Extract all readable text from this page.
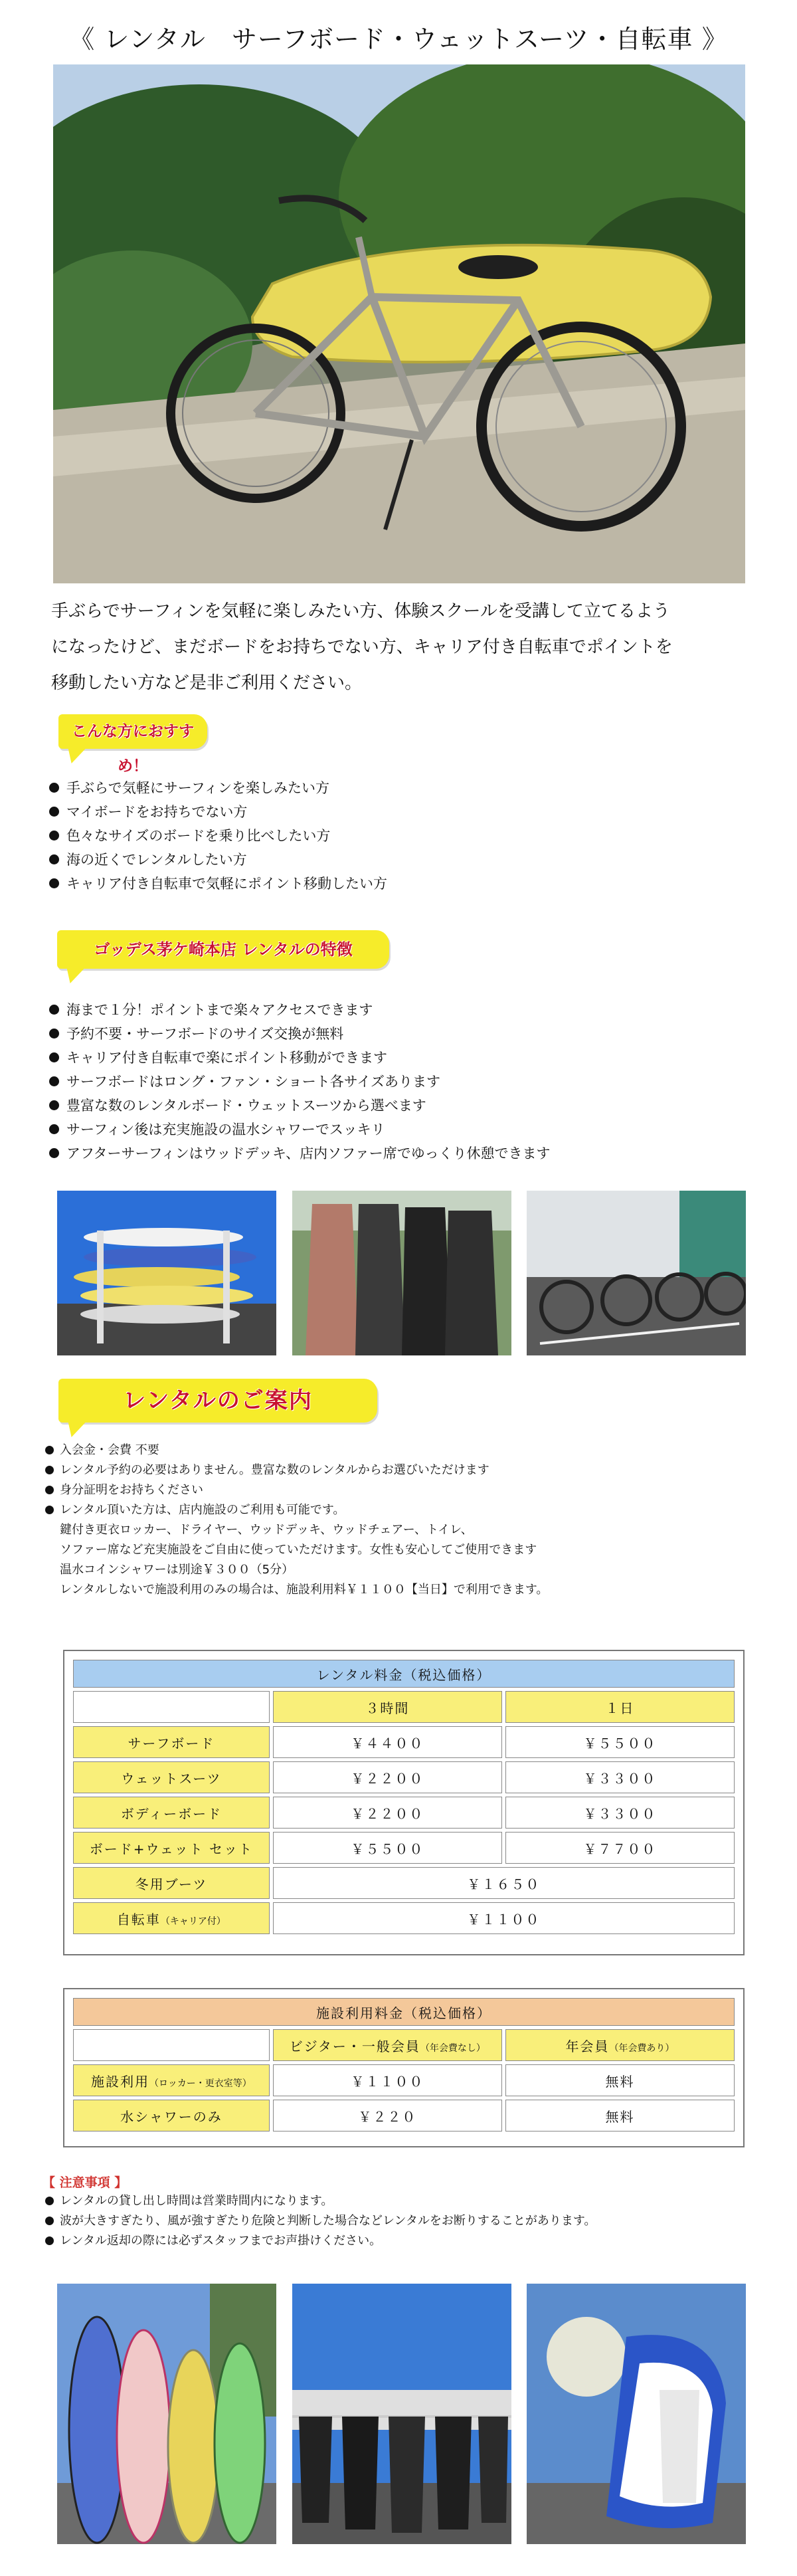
《 レンタル　サーフボード・ウェットスーツ・自転車 》
手ぶらでサーフィンを気軽に楽しみたい方、体験スクールを受講して立てるよう
になったけど、まだボードをお持ちでない方、キャリア付き自転車でポイントを
移動したい方など是非ご利用ください。
こんな方におすすめ！
手ぶらで気軽にサーフィンを楽しみたい方
マイボードをお持ちでない方
色々なサイズのボードを乗り比べしたい方
海の近くでレンタルしたい方
キャリア付き自転車で気軽にポイント移動したい方
ゴッデス茅ケ崎本店 レンタルの特徴
海まで１分！ポイントまで楽々アクセスできます
予約不要・サーフボードのサイズ交換が無料
キャリア付き自転車で楽にポイント移動ができます
サーフボードはロング・ファン・ショート各サイズあります
豊富な数のレンタルボード・ウェットスーツから選べます
サーフィン後は充実施設の温水シャワーでスッキリ
アフターサーフィンはウッドデッキ、店内ソファー席でゆっくり休憩できます
レンタルのご案内
入会金・会費 不要
レンタル予約の必要はありません。豊富な数のレンタルからお選びいただけます
身分証明をお持ちください
レンタル頂いた方は、店内施設のご利用も可能です。
鍵付き更衣ロッカー、ドライヤー、ウッドデッキ、ウッドチェアー、トイレ、
ソファー席など充実施設をご自由に使っていただけます。女性も安心してご使用できます
温水コインシャワーは別途￥３００（5分）
レンタルしないで施設利用のみの場合は、施設利用料￥１１００【当日】で利用できます。
レンタル料金（税込価格）		
	３時間	１日
サーフボード	￥４４００	￥５５００
ウェットスーツ	￥２２００	￥３３００
ボディーボード	￥２２００	￥３３００
ボード+ウェット セット	￥５５００	￥７７００
冬用ブーツ	￥１６５０	
自転車（キャリア付）	￥１１００	
施設利用料金（税込価格）		
	ビジター・一般会員（年会費なし）	年会員（年会費あり）
施設利用（ロッカー・更衣室等）	￥１１００	無料
水シャワーのみ	￥２２０	無料
【 注意事項 】
レンタルの貸し出し時間は営業時間内になります。
波が大きすぎたり、風が強すぎたり危険と判断した場合などレンタルをお断りすることがあります。
レンタル返却の際には必ずスタッフまでお声掛けください。
